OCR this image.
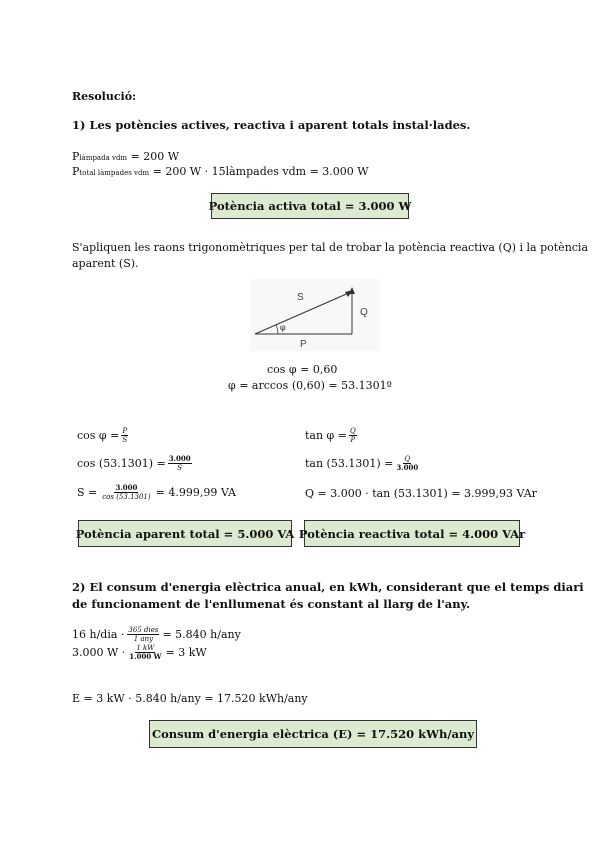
Resolució:
1) Les potències actives, reactiva i aparent totals instal·lades.
Plàmpada vdm = 200 W
Ptotal làmpades vdm = 200 W · 15làmpades vdm = 3.000 W
Potència activa total = 3.000 W
S'apliquen les raons trigonomètriques per tal de trobar la potència reactiva (Q) i la potència
aparent (S).
S
Q
P
φ
cos φ = 0,60
φ = arccos (0,60) = 53.1301º
$\cos \varphi = \frac{P}{S}$
$\cos (53.1301) = \frac{3.000}{S}$
$S = \frac{3.000}{\cos (53.1301)} = 4.999,99$ VA
$\tan \varphi = \frac{Q}{P}$
$\tan (53.1301) = \frac{Q}{3.000}$
Q = 3.000 · tan (53.1301) = 3.999,93 VAr
Potència aparent total = 5.000 VA Potència reactiva total = 4.000 VAr
2) El consum d'energia elèctrica anual, en kWh, considerant que el temps diari
de funcionament de l'enllumenat és constant al llarg de l'any.
16 $h/dia \cdot \frac{\text{365 dies}}{\text{1 any}} = 5.840$ h/any
3.000 $W \cdot \frac{1 kW}{1.000 W} = 3$ kW
E = 3 kW · 5.840 h/any = 17.520 kWh/any
Consum d'energia elèctrica (E) = 17.520 kWh/any
